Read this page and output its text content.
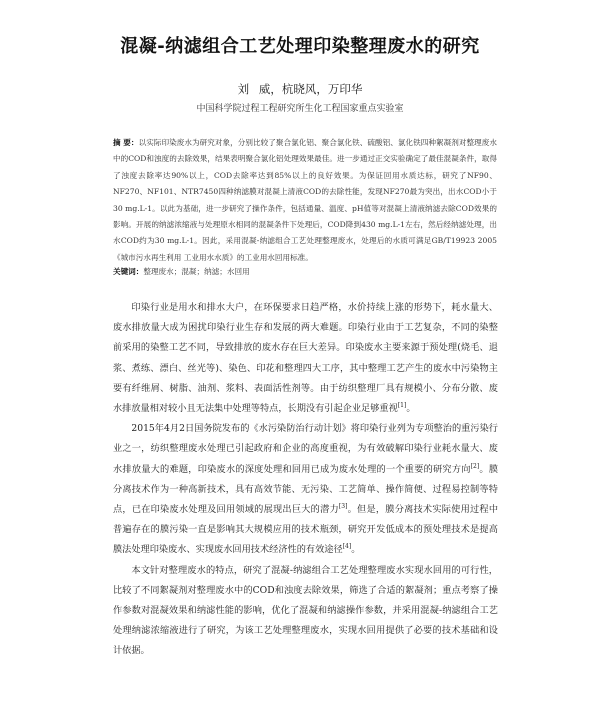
混凝-纳滤组合工艺处理印染整理废水的研究
刘 威，杭晓风，万印华
中国科学院过程工程研究所生化工程国家重点实验室
摘 要：以实际印染废水为研究对象，分别比较了聚合氯化铝、聚合氯化铁、硫酸铝、氯化铁四种絮凝剂对整理废水中的COD和浊度的去除效果，结果表明聚合氯化铝处理效果最佳。进一步通过正交实验确定了最佳混凝条件，取得了浊度去除率达90%以上，COD去除率达到85%以上的良好效果。为保证回用水质达标，研究了NF90、NF270、NF101、NTR7450四种纳滤膜对混凝上清液COD的去除性能，发现NF270最为突出，出水COD小于30 mg.L-1。以此为基础，进一步研究了操作条件，包括通量、温度、pH值等对混凝上清液纳滤去除COD效果的影响。开展的纳滤浓缩液与处理原水相同的混凝条件下处理后，COD降到430 mg.L-1左右，然后经纳滤处理，出水COD约为30 mg.L-1。因此，采用混凝-纳滤组合工艺处理整理废水，处理后的水质可满足GB/T19923 2005《城市污水再生利用 工业用水水质》的工业用水回用标准。
关键词：整理废水；混凝；纳滤；水回用

印染行业是用水和排水大户，在环保要求日趋严格，水价持续上涨的形势下，耗水量大、废水排放量大成为困扰印染行业生存和发展的两大难题。印染行业由于工艺复杂，不同的染整前采用的染整工艺不同，导致排放的废水存在巨大差异。印染废水主要来源于预处理(烧毛、退浆、煮练、漂白、丝光等)、染色、印花和整理四大工序，其中整理工艺产生的废水中污染物主要有纤维屑、树脂、油剂、浆料、表面活性剂等。由于纺织整理厂具有规模小、分布分散、废水排放量相对较小且无法集中处理等特点，长期没有引起企业足够重视[1]。

2015年4月2日国务院发布的《水污染防治行动计划》将印染行业列为专项整治的重污染行业之一，纺织整理废水处理已引起政府和企业的高度重视，为有效破解印染行业耗水量大、废水排放量大的难题，印染废水的深度处理和回用已成为废水处理的一个重要的研究方向[2]。膜分离技术作为一种高新技术，具有高效节能、无污染、工艺简单、操作简便、过程易控制等特点，已在印染废水处理及回用领域的展现出巨大的潜力[3]。但是，膜分离技术实际使用过程中普遍存在的膜污染一直是影响其大规模应用的技术瓶颈，研究开发低成本的预处理技术是提高膜法处理印染废水、实现废水回用技术经济性的有效途径[4]。

本文针对整理废水的特点，研究了混凝-纳滤组合工艺处理整理废水实现水回用的可行性，比较了不同絮凝剂对整理废水中的COD和浊度去除效果，筛选了合适的絮凝剂；重点考察了操作参数对混凝效果和纳滤性能的影响，优化了混凝和纳滤操作参数，并采用混凝-纳滤组合工艺处理纳滤浓缩液进行了研究，为该工艺处理整理废水，实现水回用提供了必要的技术基础和设计依据。
